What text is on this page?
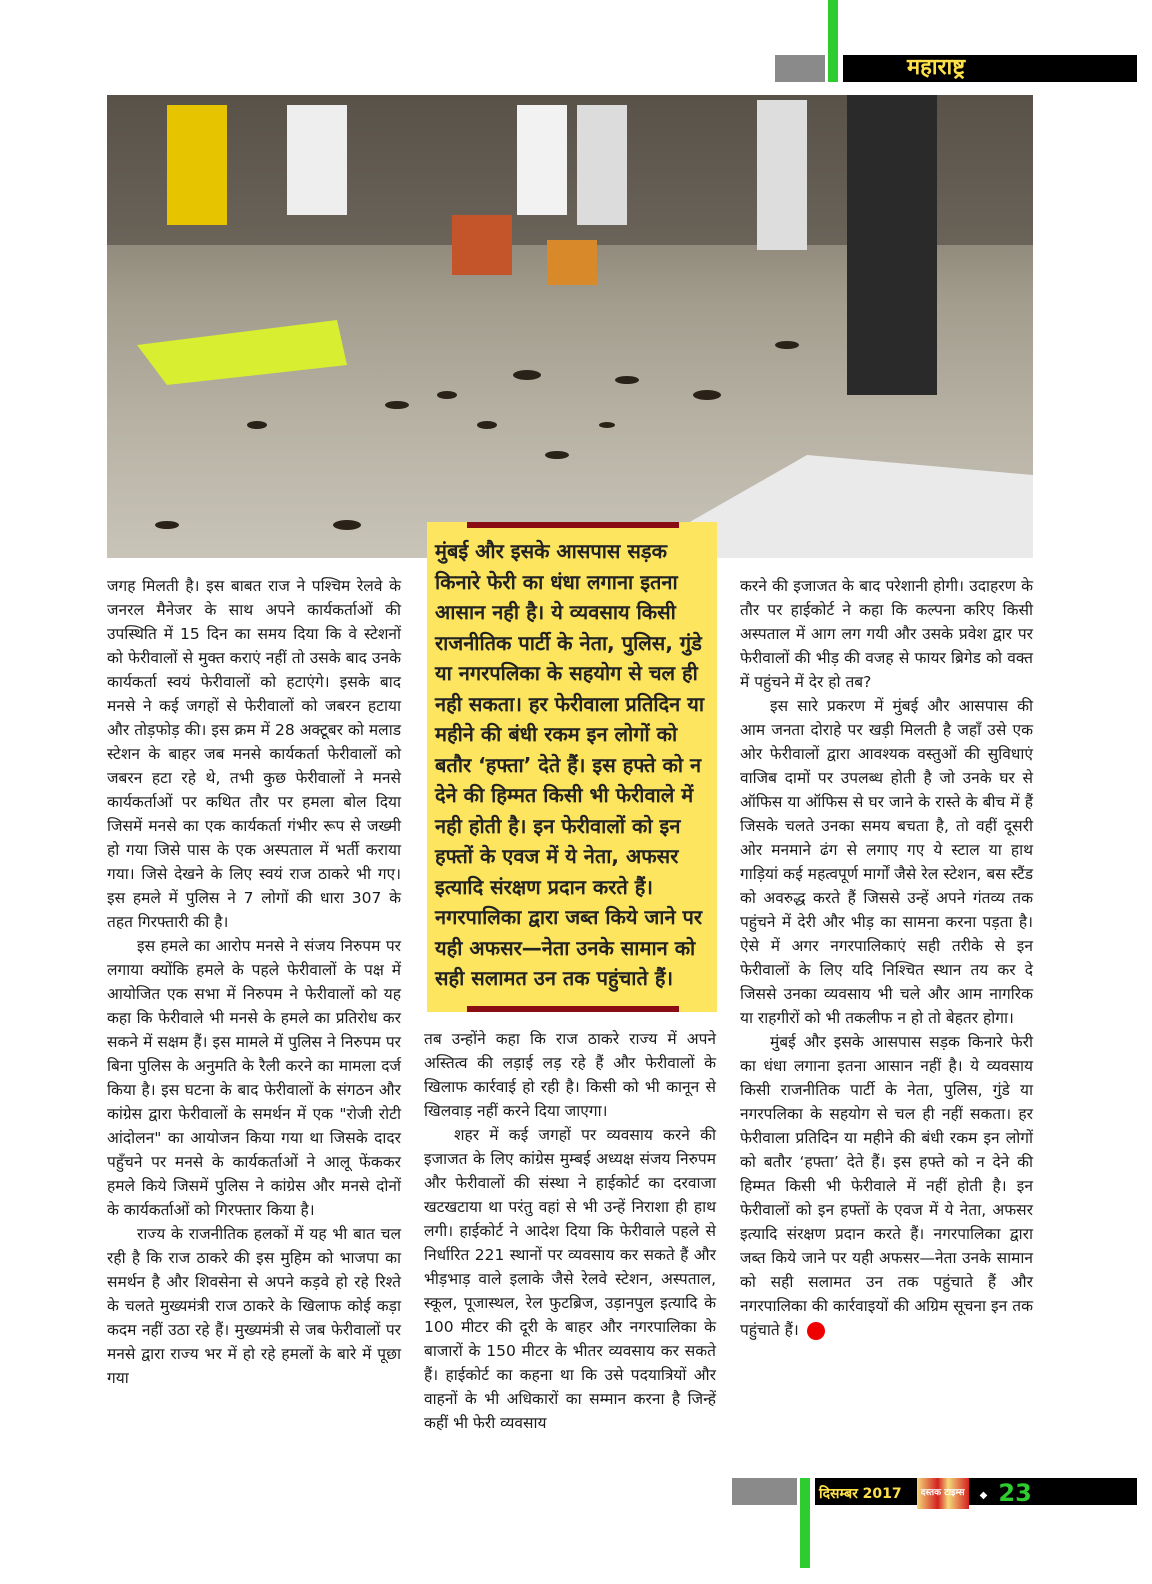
महाराष्ट्र

जगह मिलती है। इस बाबत राज ने पश्चिम रेलवे के जनरल मैनेजर के साथ अपने कार्यकर्ताओं की उपस्थिति में 15 दिन का समय दिया कि वे स्टेशनों को फेरीवालों से मुक्त कराएं नहीं तो उसके बाद उनके कार्यकर्ता स्वयं फेरीवालों को हटाएंगे। इसके बाद मनसे ने कई जगहों से फेरीवालों को जबरन हटाया और तोड़फोड़ की। इस क्रम में 28 अक्टूबर को मलाड स्टेशन के बाहर जब मनसे कार्यकर्ता फेरीवालों को जबरन हटा रहे थे, तभी कुछ फेरीवालों ने मनसे कार्यकर्ताओं पर कथित तौर पर हमला बोल दिया जिसमें मनसे का एक कार्यकर्ता गंभीर रूप से जख्मी हो गया जिसे पास के एक अस्पताल में भर्ती कराया गया। जिसे देखने के लिए स्वयं राज ठाकरे भी गए। इस हमले में पुलिस ने 7 लोगों की धारा 307 के तहत गिरफ्तारी की है।

इस हमले का आरोप मनसे ने संजय निरुपम पर लगाया क्योंकि हमले के पहले फेरीवालों के पक्ष में आयोजित एक सभा में निरुपम ने फेरीवालों को यह कहा कि फेरीवाले भी मनसे के हमले का प्रतिरोध कर सकने में सक्षम हैं। इस मामले में पुलिस ने निरुपम पर बिना पुलिस के अनुमति के रैली करने का मामला दर्ज किया है। इस घटना के बाद फेरीवालों के संगठन और कांग्रेस द्वारा फेरीवालों के समर्थन में एक "रोजी रोटी आंदोलन" का आयोजन किया गया था जिसके दादर पहुँचने पर मनसे के कार्यकर्ताओं ने आलू फेंककर हमले किये जिसमें पुलिस ने कांग्रेस और मनसे दोनों के कार्यकर्ताओं को गिरफ्तार किया है।

राज्य के राजनीतिक हलकों में यह भी बात चल रही है कि राज ठाकरे की इस मुहिम को भाजपा का समर्थन है और शिवसेना से अपने कड़वे हो रहे रिश्ते के चलते मुख्यमंत्री राज ठाकरे के खिलाफ कोई कड़ा कदम नहीं उठा रहे हैं। मुख्यमंत्री से जब फेरीवालों पर मनसे द्वारा राज्य भर में हो रहे हमलों के बारे में पूछा गया

मुंबई और इसके आसपास सड़क किनारे फेरी का धंधा लगाना इतना आसान नही है। ये व्यवसाय किसी राजनीतिक पार्टी के नेता, पुलिस, गुंडे या नगरपलिका के सहयोग से चल ही नही सकता। हर फेरीवाला प्रतिदिन या महीने की बंधी रकम इन लोगों को बतौर ‘हफ्ता’ देते हैं। इस हफ्ते को न देने की हिम्मत किसी भी फेरीवाले में नही होती है। इन फेरीवालों को इन हफ्तों के एवज में ये नेता, अफसर इत्यादि संरक्षण प्रदान करते हैं। नगरपालिका द्वारा जब्त किये जाने पर यही अफसर—नेता उनके सामान को सही सलामत उन तक पहुंचाते हैं।

तब उन्होंने कहा कि राज ठाकरे राज्य में अपने अस्तित्व की लड़ाई लड़ रहे हैं और फेरीवालों के खिलाफ कार्रवाई हो रही है। किसी को भी कानून से खिलवाड़ नहीं करने दिया जाएगा।

शहर में कई जगहों पर व्यवसाय करने की इजाजत के लिए कांग्रेस मुम्बई अध्यक्ष संजय निरुपम और फेरीवालों की संस्था ने हाईकोर्ट का दरवाजा खटखटाया था परंतु वहां से भी उन्हें निराशा ही हाथ लगी। हाईकोर्ट ने आदेश दिया कि फेरीवाले पहले से निर्धारित 221 स्थानों पर व्यवसाय कर सकते हैं और भीड़भाड़ वाले इलाके जैसे रेलवे स्टेशन, अस्पताल, स्कूल, पूजास्थल, रेल फुटब्रिज, उड़ानपुल इत्यादि के 100 मीटर की दूरी के बाहर और नगरपालिका के बाजारों के 150 मीटर के भीतर व्यवसाय कर सकते हैं। हाईकोर्ट का कहना था कि उसे पदयात्रियों और वाहनों के भी अधिकारों का सम्मान करना है जिन्हें कहीं भी फेरी व्यवसाय

करने की इजाजत के बाद परेशानी होगी। उदाहरण के तौर पर हाईकोर्ट ने कहा कि कल्पना करिए किसी अस्पताल में आग लग गयी और उसके प्रवेश द्वार पर फेरीवालों की भीड़ की वजह से फायर ब्रिगेड को वक्त में पहुंचने में देर हो तब?

इस सारे प्रकरण में मुंबई और आसपास की आम जनता दोराहे पर खड़ी मिलती है जहाँ उसे एक ओर फेरीवालों द्वारा आवश्यक वस्तुओं की सुविधाएं वाजिब दामों पर उपलब्ध होती है जो उनके घर से ऑफिस या ऑफिस से घर जाने के रास्ते के बीच में हैं जिसके चलते उनका समय बचता है, तो वहीं दूसरी ओर मनमाने ढंग से लगाए गए ये स्टाल या हाथ गाड़ियां कई महत्वपूर्ण मार्गों जैसे रेल स्टेशन, बस स्टैंड को अवरुद्ध करते हैं जिससे उन्हें अपने गंतव्य तक पहुंचने में देरी और भीड़ का सामना करना पड़ता है। ऐसे में अगर नगरपालिकाएं सही तरीके से इन फेरीवालों के लिए यदि निश्चित स्थान तय कर दे जिससे उनका व्यवसाय भी चले और आम नागरिक या राहगीरों को भी तकलीफ न हो तो बेहतर होगा।

मुंबई और इसके आसपास सड़क किनारे फेरी का धंधा लगाना इतना आसान नहीं है। ये व्यवसाय किसी राजनीतिक पार्टी के नेता, पुलिस, गुंडे या नगरपलिका के सहयोग से चल ही नहीं सकता। हर फेरीवाला प्रतिदिन या महीने की बंधी रकम इन लोगों को बतौर ‘हफ्ता’ देते हैं। इस हफ्ते को न देने की हिम्मत किसी भी फेरीवाले में नहीं होती है। इन फेरीवालों को इन हफ्तों के एवज में ये नेता, अफसर इत्यादि संरक्षण प्रदान करते हैं। नगरपालिका द्वारा जब्त किये जाने पर यही अफसर—नेता उनके सामान को सही सलामत उन तक पहुंचाते हैं और नगरपालिका की कार्रवाइयों की अग्रिम सूचना इन तक पहुंचाते हैं।

दिसम्बर 2017 दस्तक टाइम्स ◆ 23
